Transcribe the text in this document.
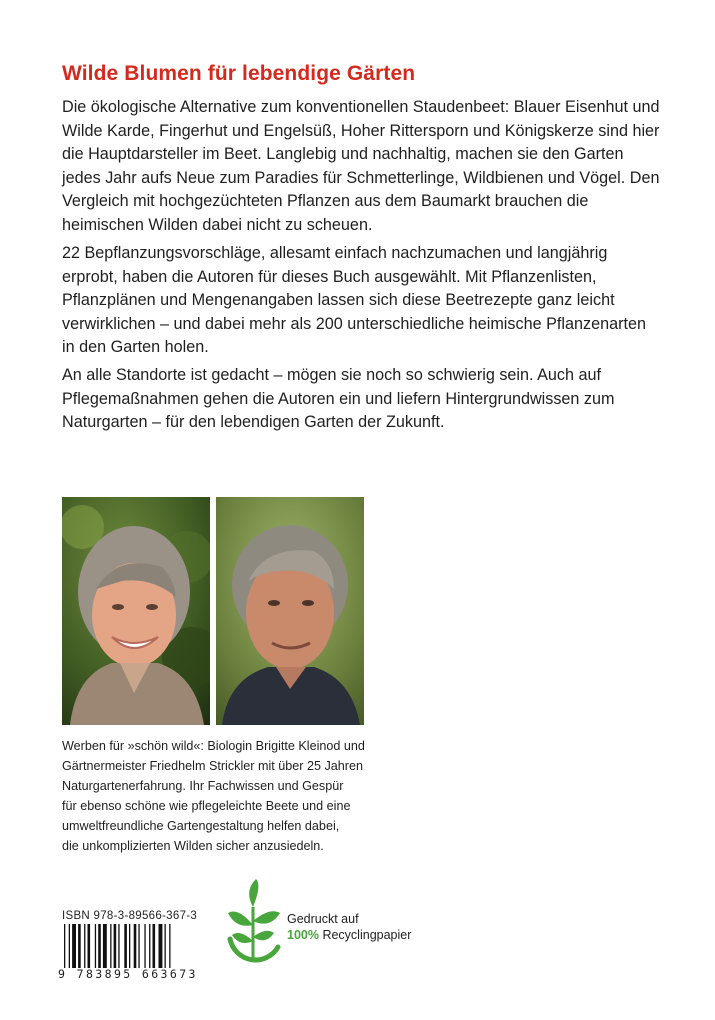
Wilde Blumen für lebendige Gärten

Die ökologische Alternative zum konventionellen Staudenbeet: Blauer Eisenhut und Wilde Karde, Fingerhut und Engelsüß, Hoher Rittersporn und Königskerze sind hier die Hauptdarsteller im Beet. Langlebig und nachhaltig, machen sie den Garten jedes Jahr aufs Neue zum Paradies für Schmetterlinge, Wildbienen und Vögel. Den Vergleich mit hochgezüchteten Pflanzen aus dem Baumarkt brauchen die heimischen Wilden dabei nicht zu scheuen.

22 Bepflanzungsvorschläge, allesamt einfach nachzumachen und langjährig erprobt, haben die Autoren für dieses Buch ausgewählt. Mit Pflanzenlisten, Pflanzplänen und Mengenangaben lassen sich diese Beetrezepte ganz leicht verwirklichen – und dabei mehr als 200 unterschiedliche heimische Pflanzenarten in den Garten holen.

An alle Standorte ist gedacht – mögen sie noch so schwierig sein. Auch auf Pflegemaßnahmen gehen die Autoren ein und liefern Hintergrundwissen zum Naturgarten – für den lebendigen Garten der Zukunft.

Werben für »schön wild«: Biologin Brigitte Kleinod und
Gärtnermeister Friedhelm Strickler mit über 25 Jahren
Naturgartenerfahrung. Ihr Fachwissen und Gespür
für ebenso schöne wie pflegeleichte Beete und eine
umweltfreundliche Gartengestaltung helfen dabei,
die unkomplizierten Wilden sicher anzusiedeln.

ISBN 978-3-89566-367-3

9 783895 663673

Gedruckt auf
100% Recyclingpapier
